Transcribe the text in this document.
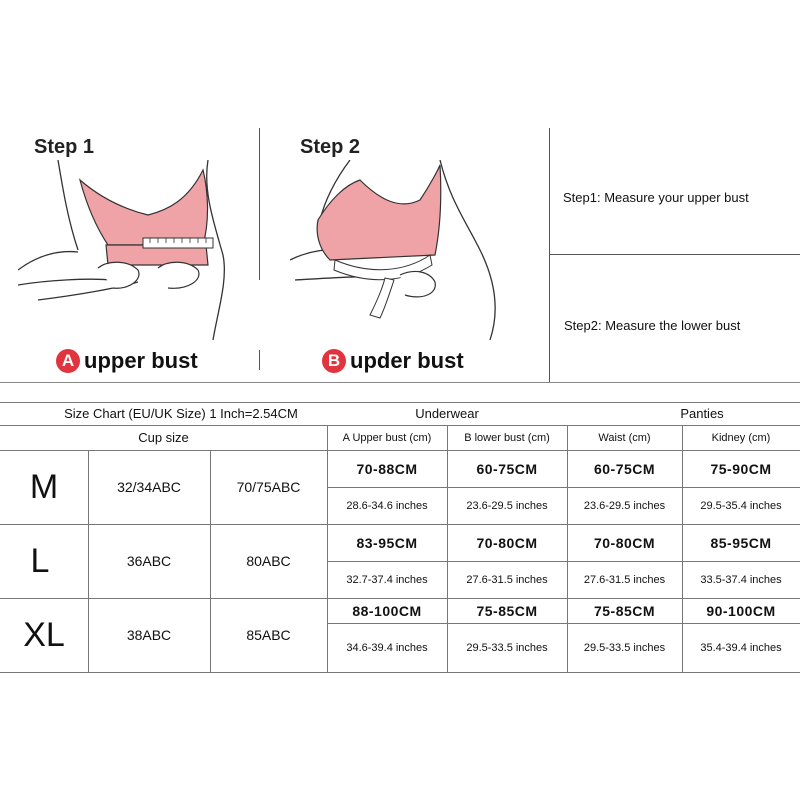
Step 1	Step 2
A upper bust	B upder bust
Step1: Measure your upper bust
Step2: Measure the lower bust
Size Chart (EU/UK Size) 1 Inch=2.54CM	Underwear	Panties
Cup size	A Upper bust (cm)	B lower bust (cm)	Waist (cm)	Kidney (cm)
M	32/34ABC	70/75ABC
70-88CM	60-75CM	60-75CM	75-90CM
28.6-34.6 inches	23.6-29.5 inches	23.6-29.5 inches	29.5-35.4 inches
L	36ABC	80ABC
83-95CM	70-80CM	70-80CM	85-95CM
32.7-37.4 inches	27.6-31.5 inches	27.6-31.5 inches	33.5-37.4 inches
XL	38ABC	85ABC
88-100CM	75-85CM	75-85CM	90-100CM
34.6-39.4 inches	29.5-33.5 inches	29.5-33.5 inches	35.4-39.4 inches
